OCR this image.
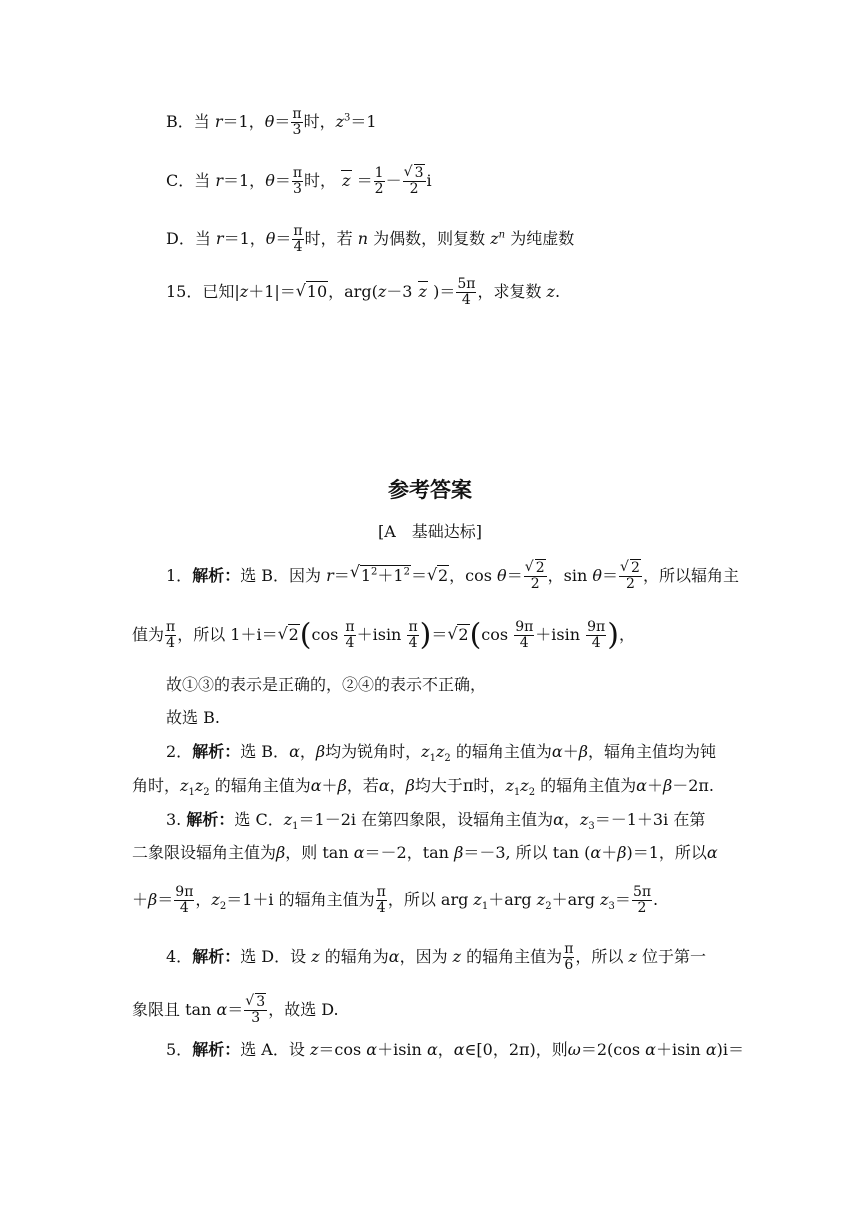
B．当 r＝1，$\theta= \frac{\pi}{3}$ 时，$z^3=1$
C．当 r＝1，$\theta= \frac{\pi}{3}$ 时， $z = \frac{1}{2}$ － √ $\frac{3}{2}$ i
D．当 r＝1，$\theta= \frac{\pi}{4}$ 时，若 n 为偶数，则复数 $z^n$ 为纯虚数
15．已知|z＋1|＝ √ 10，arg(z－3 z )＝ $\frac{5\pi}{4}$ ，求复数 z.
参考答案
[A　基础达标]
1．解析：选 B．因为 r＝ √ $1^2+1^2=$ √ 2，cos θ＝ √ $\frac{2}{2}$ ，sin θ＝ √ $\frac{2}{2}$ ，所以辐角主
值为 $\frac{\pi}{4}$ ，所以 1＋i＝ √ $2(\cos \frac{\pi}{4} +isin \frac{\pi}{4}$ )＝ √ $2(\cos \frac{9\pi}{4} +isin \frac{9\pi}{4}$ )，
故①③的表示是正确的，②④的表示不正确，
故选 B.
2．解析：选 B．α，β均为锐角时，$z_1z_2$ 的辐角主值为α＋β，辐角主值均为钝
角时，$z_1z_2$ 的辐角主值为α＋β，若α，β均大于π时，$z_1z_2$ 的辐角主值为α＋β－2π.
3. 解析：选 C．$z_1=1-2i$ 在第四象限，设辐角主值为α，$z_3=-1+3i$ 在第
二象限设辐角主值为β，则 tan α＝－2，tan β＝－3, 所以 tan (α＋β)＝1，所以α
$+\beta= \frac{9\pi}{4}$ ，$z_2=1+i$ 的辐角主值为 $\frac{\pi}{4}$ ，所以 arg $z_1+arg$ $z_2+arg$ $z_3= \frac{5\pi}{2}$ .
4．解析：选 D．设 z 的辐角为α，因为 z 的辐角主值为 $\frac{\pi}{6}$ ，所以 z 位于第一
象限且 tan α＝ √ $\frac{3}{3}$ ，故选 D.
5．解析：选 A．设 z＝cos α＋isin α，α∈[0，2π)，则ω＝2(cos α＋isin α)i＝
